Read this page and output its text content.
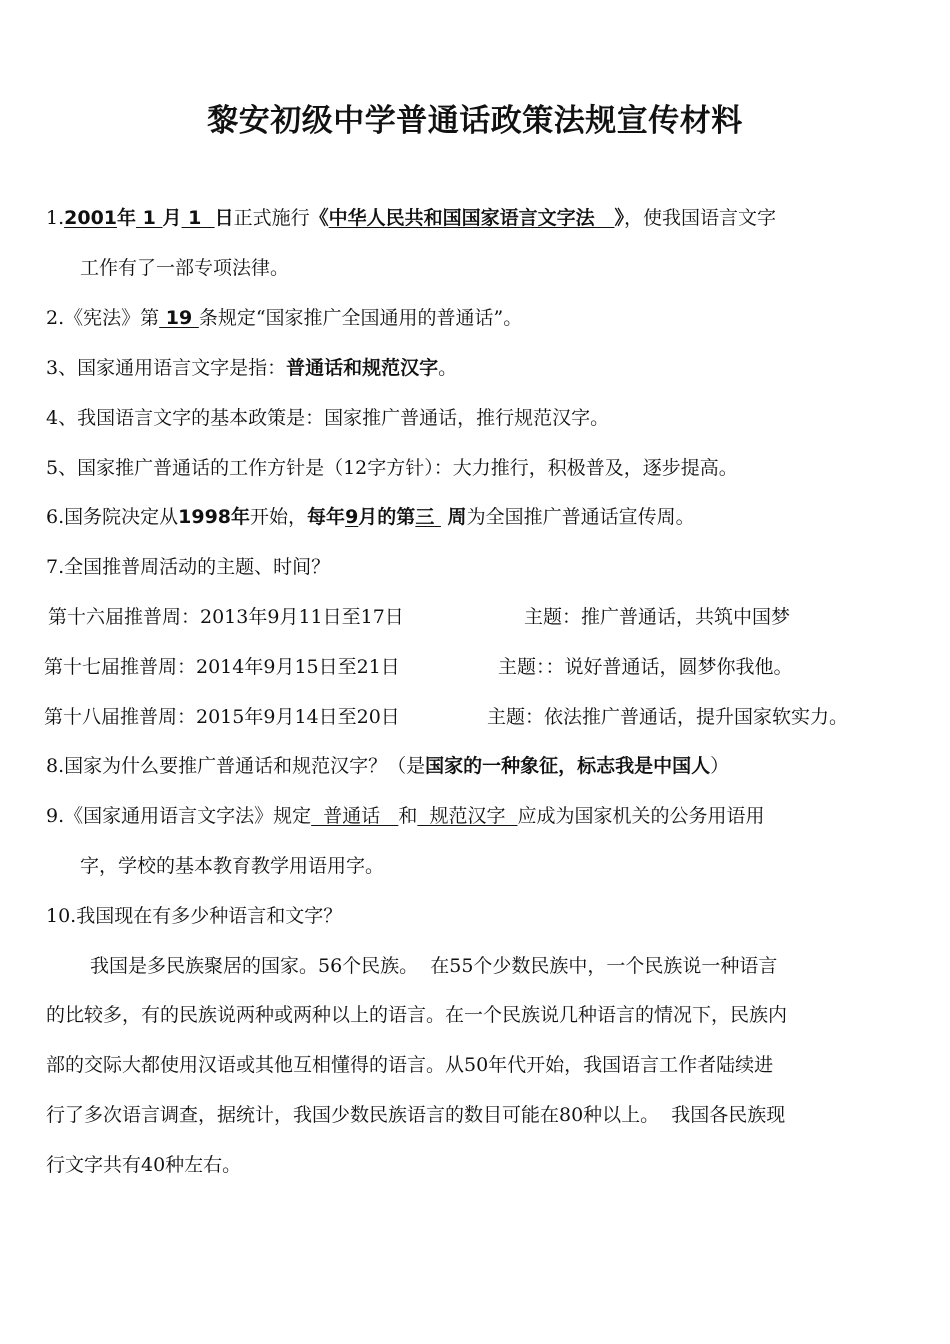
黎安初级中学普通话政策法规宣传材料
1.2001年 1 月 1  日正式施行《中华人民共和国国家语言文字法   》，使我国语言文字
工作有了一部专项法律。
2.《宪法》第 19 条规定“国家推广全国通用的普通话”。
3、国家通用语言文字是指：普通话和规范汉字。
4、我国语言文字的基本政策是：国家推广普通话，推行规范汉字。
5、国家推广普通话的工作方针是（12字方针）：大力推行，积极普及，逐步提高。
6.国务院决定从1998年开始，每年9月的第三  周为全国推广普通话宣传周。
7.全国推普周活动的主题、时间？
第十六届推普周：2013年9月11日至17日	主题：推广普通话，共筑中国梦
第十七届推普周：2014年9月15日至21日	主题：：说好普通话，圆梦你我他。
第十八届推普周：2015年9月14日至20日	主题：依法推广普通话，提升国家软实力。
8.国家为什么要推广普通话和规范汉字？（是国家的一种象征，标志我是中国人）
9.《国家通用语言文字法》规定  普通话   和  规范汉字  应成为国家机关的公务用语用
字，学校的基本教育教学用语用字。
10.我国现在有多少种语言和文字？
我国是多民族聚居的国家。56个民族。  在55个少数民族中，一个民族说一种语言
的比较多，有的民族说两种或两种以上的语言。在一个民族说几种语言的情况下，民族内
部的交际大都使用汉语或其他互相懂得的语言。从50年代开始，我国语言工作者陆续进
行了多次语言调查，据统计，我国少数民族语言的数目可能在80种以上。  我国各民族现
行文字共有40种左右。
